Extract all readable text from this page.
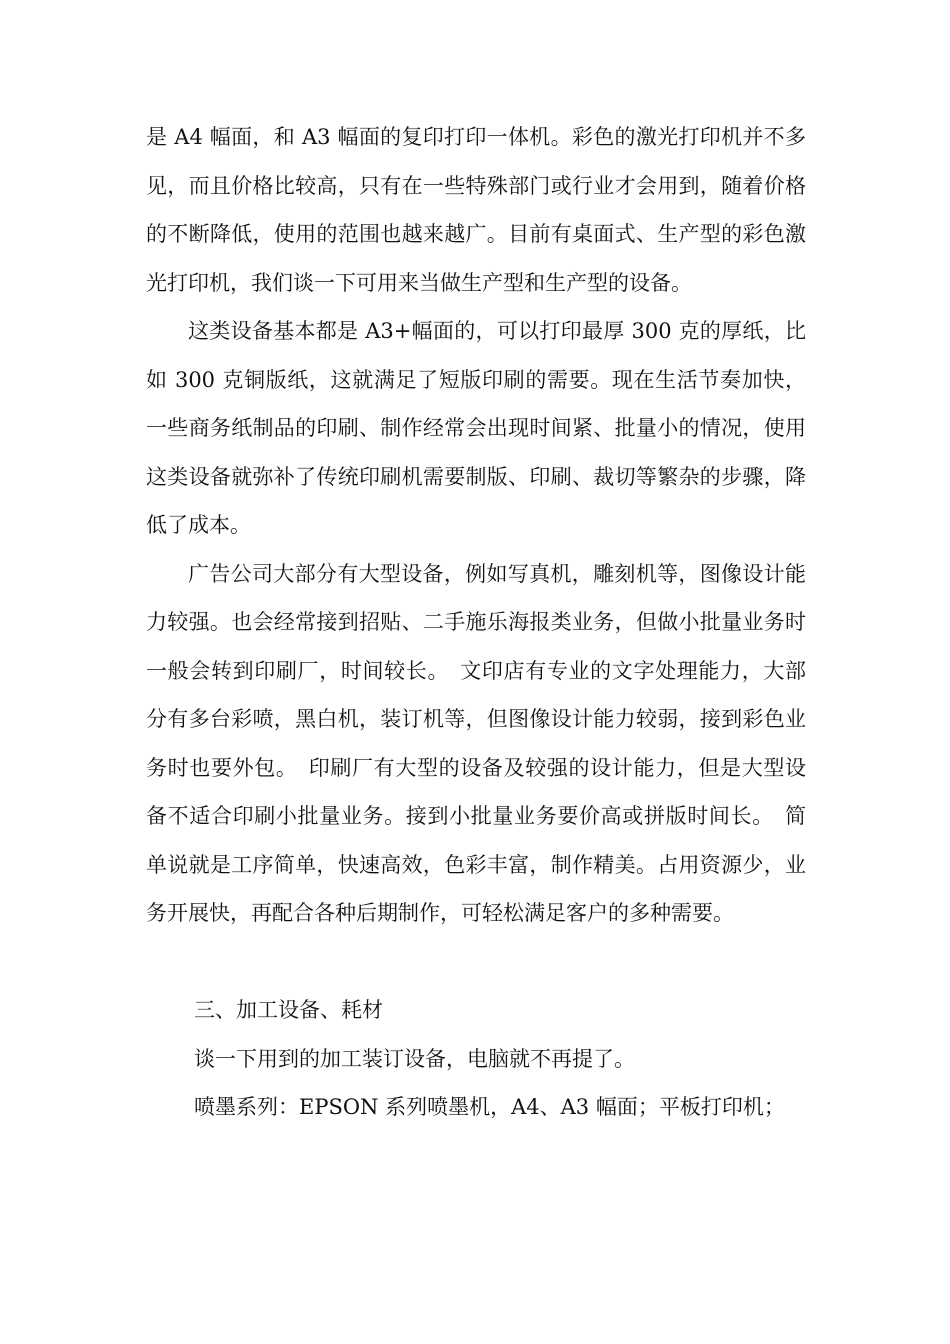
是 A4 幅面，和 A3 幅面的复印打印一体机。彩色的激光打印机并不多见，而且价格比较高，只有在一些特殊部门或行业才会用到，随着价格的不断降低，使用的范围也越来越广。目前有桌面式、生产型的彩色激光打印机，我们谈一下可用来当做生产型和生产型的设备。

这类设备基本都是 A3+幅面的，可以打印最厚 300 克的厚纸，比如 300 克铜版纸，这就满足了短版印刷的需要。现在生活节奏加快，一些商务纸制品的印刷、制作经常会出现时间紧、批量小的情况，使用这类设备就弥补了传统印刷机需要制版、印刷、裁切等繁杂的步骤，降低了成本。

广告公司大部分有大型设备，例如写真机，雕刻机等，图像设计能力较强。也会经常接到招贴、二手施乐海报类业务，但做小批量业务时一般会转到印刷厂，时间较长。　文印店有专业的文字处理能力，大部分有多台彩喷，黑白机，装订机等，但图像设计能力较弱，接到彩色业务时也要外包。　印刷厂有大型的设备及较强的设计能力，但是大型设备不适合印刷小批量业务。接到小批量业务要价高或拼版时间长。　简单说就是工序简单，快速高效，色彩丰富，制作精美。占用资源少，业务开展快，再配合各种后期制作，可轻松满足客户的多种需要。

三、加工设备、耗材

谈一下用到的加工装订设备，电脑就不再提了。

喷墨系列：EPSON 系列喷墨机，A4、A3 幅面；平板打印机；
